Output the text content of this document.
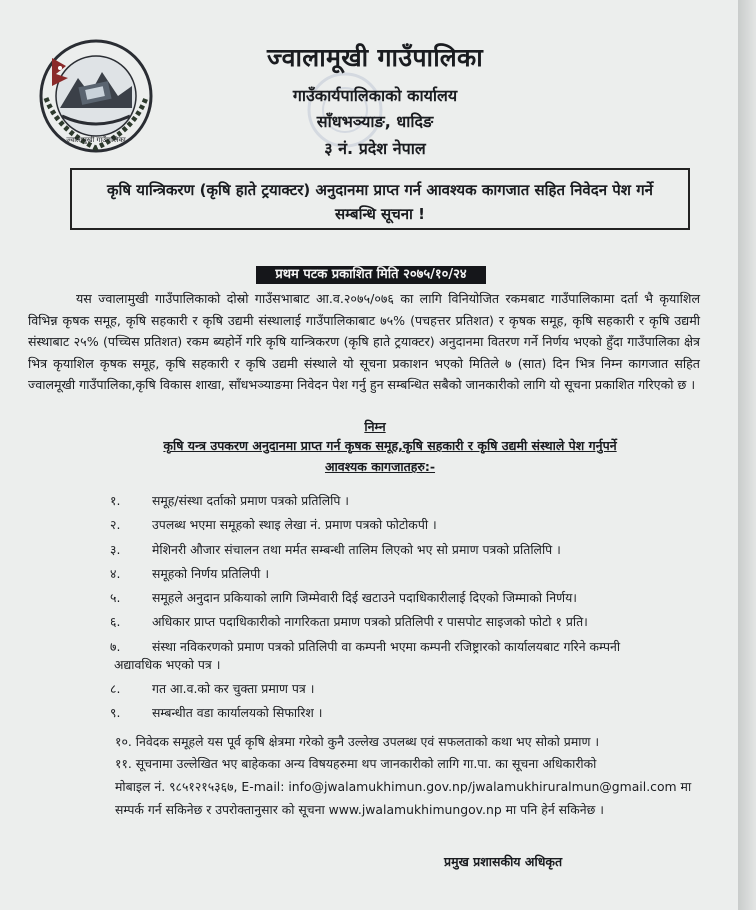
ज्वालामुखी गाउँपालिका
ज्वालामूखी गाउँपालिका
गाउँकार्यपालिकाको कार्यालय
साँधभञ्याङ, धादिङ
३ नं. प्रदेश नेपाल
कृषि यान्त्रिकरण (कृषि हाते ट्रयाक्टर) अनुदानमा प्राप्त गर्न आवश्यक कागजात सहित निवेदन पेश गर्ने
सम्बन्धि सूचना !
प्रथम पटक प्रकाशित मिति २०७५/१०/२४
यस ज्वालामुखी गाउँपालिकाको दोस्रो गाउँसभाबाट आ.व.२०७५/०७६ का लागि विनियोजित रकमबाट गाउँपालिकामा दर्ता भै कृयाशिल विभिन्न कृषक समूह, कृषि सहकारी र कृषि उद्यमी संस्थालाई गाउँपालिकाबाट ७५% (पचहत्तर प्रतिशत) र कृषक समूह, कृषि सहकारी र कृषि उद्यमी संस्थाबाट २५% (पच्चिस प्रतिशत) रकम ब्यहोर्ने गरि कृषि यान्त्रिकरण (कृषि हाते ट्रयाक्टर) अनुदानमा वितरण गर्ने निर्णय भएको हुँदा गाउँपालिका क्षेत्र भित्र कृयाशिल कृषक समूह, कृषि सहकारी र कृषि उद्यमी संस्थाले यो सूचना प्रकाशन भएको मितिले ७ (सात) दिन भित्र निम्न कागजात सहित ज्वालमूखी गाउँपालिका,कृषि विकास शाखा, साँधभञ्याङमा निवेदन पेश गर्नु हुन सम्बन्धित सबैको जानकारीको लागि यो सूचना प्रकाशित गरिएको छ ।
निम्न
कृषि यन्त्र उपकरण अनुदानमा प्राप्त गर्न कृषक समूह,कृषि सहकारी र कृषि उद्यमी संस्थाले पेश गर्नुपर्ने
आवश्यक कागजातहरु:-
१.	समूह/संस्था दर्ताको प्रमाण पत्रको प्रतिलिपि ।
२.	उपलब्ध भएमा समूहको स्थाइ लेखा नं. प्रमाण पत्रको फोटोकपी ।
३.	मेशिनरी औजार संचालन तथा मर्मत सम्बन्धी तालिम लिएको भए सो प्रमाण पत्रको प्रतिलिपि ।
४.	समूहको निर्णय प्रतिलिपी ।
५.	समूहले अनुदान प्रकियाको लागि जिम्मेवारी दिई खटाउने पदाधिकारीलाई दिएको जिम्माको निर्णय।
६.	अधिकार प्राप्त पदाधिकारीको नागरिकता प्रमाण पत्रको प्रतिलिपी र पासपोट साइजको फोटो १ प्रति।
७.	संस्था नविकरणको प्रमाण पत्रको प्रतिलिपी वा कम्पनी भएमा कम्पनी रजिष्ट्रारको कार्यालयबाट गरिने कम्पनी
अद्यावधिक भएको पत्र ।
८.	गत आ.व.को कर चुक्ता प्रमाण पत्र ।
९.	सम्बन्धीत वडा कार्यालयको सिफारिश ।
१०. निवेदक समूहले यस पूर्व कृषि क्षेत्रमा गरेको कुनै उल्लेख उपलब्ध एवं सफलताको कथा भए सोको प्रमाण ।
११. सूचनामा उल्लेखित भए बाहेकका अन्य विषयहरुमा थप जानकारीको लागि गा.पा. का सूचना अधिकारीको
मोबाइल नं. ९८५१२१५३६७, E-mail: info@jwalamukhimun.gov.np/jwalamukhiruralmun@gmail.com मा
सम्पर्क गर्न सकिनेछ र उपरोक्तानुसार को सूचना www.jwalamukhimungov.np मा पनि हेर्न सकिनेछ ।
प्रमुख प्रशासकीय अधिकृत
